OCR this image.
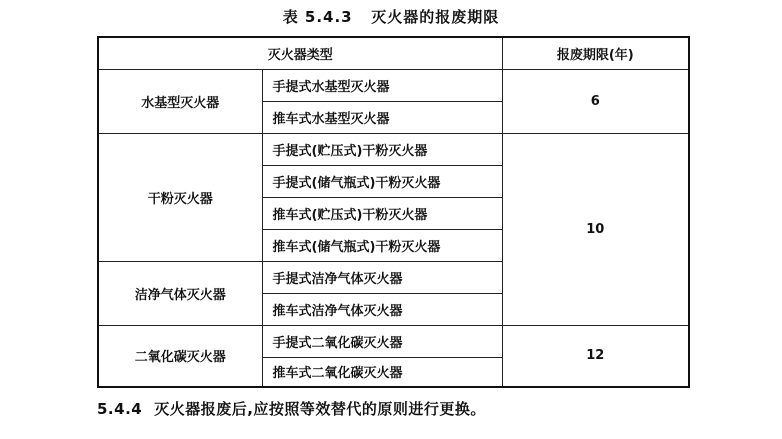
表 5.4.3 灭火器的报废期限
灭火器类型		报废期限(年)
水基型灭火器	手提式水基型灭火器	6
	推车式水基型灭火器	
干粉灭火器	手提式(贮压式)干粉灭火器	10
	手提式(储气瓶式)干粉灭火器	
	推车式(贮压式)干粉灭火器	
	推车式(储气瓶式)干粉灭火器	
洁净气体灭火器	手提式洁净气体灭火器	
	推车式洁净气体灭火器	
二氧化碳灭火器	手提式二氧化碳灭火器	12
	推车式二氧化碳灭火器	
5.4.4 灭火器报废后,应按照等效替代的原则进行更换。
